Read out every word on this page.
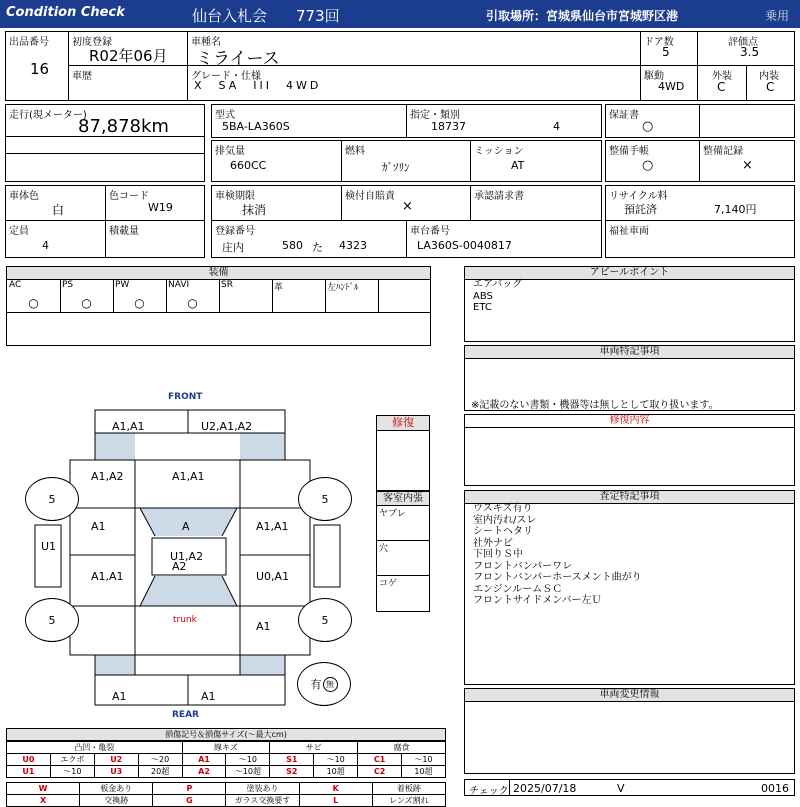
Condition Check	仙台入札会 773回	引取場所：宮城県仙台市宮城野区港	乗用
出品番号
16
初度登録
R02年06月
車歴
車種名
ミライース
グレード・仕様
X　SA　III　4WD
ドア数
5
駆動
4WD
評価点
3.5
外装
C
内装
C
走行(現メーター)
87,878km
型式
5BA-LA360S
指定・類別
18737	4
排気量
660CC
燃料
ｶﾞｿﾘﾝ
ミッション
AT
保証書
○
整備手帳
○
整備記録
×
車体色
白
色コード
W19
定員
4
積載量
車検期限
抹消
検付自賠責
×
承認請求書
登録番号
庄内	580 た 4323
車台番号
LA360S-0040817
リサイクル料
預託済	7,140円
福祉車両
装備
AC
○
PS
○
PW
○
NAVI
○
SR	革	左ﾊﾝﾄﾞﾙ
アピールポイント
エアバッグ
ABS
ETC
車両特記事項
※記載のない書類・機器等は無しとして取り扱います。
修復内容
査定特記事項
ウスキズ有り
室内汚れ/スレ
シートヘタリ
社外ナビ
下回りＳ中
フロントバンパーワレ
フロントバンパーホースメント曲がり
エンジンルームＳＣ
フロントサイドメンバー左Ｕ
車両変更情報
チェック 2025/07/18	V	0016
FRONT
REAR
A1,A1	U2,A1,A2
A1,A2	A1,A1
A1	A	A1,A1
U1
U1,A2
A2
A1,A1	U0,A1
trunk	A1
A1	A1
5	5
5	5
有 無
修復
客室内張
ヤブレ
穴
コゲ
損傷記号＆損傷サイズ(～最大cm)
凸凹・亀裂				線キズ		サビ		腐食	
U0	エクボ	U2	～20	A1	～10	S1	～10	C1	～10
U1	～10	U3	20超	A2	～10超	S2	10超	C2	10超
W	板金あり	P	塗装あり	K	着板跡
X	交換跡	G	ガラス交換要す	L	レンズ割れ
